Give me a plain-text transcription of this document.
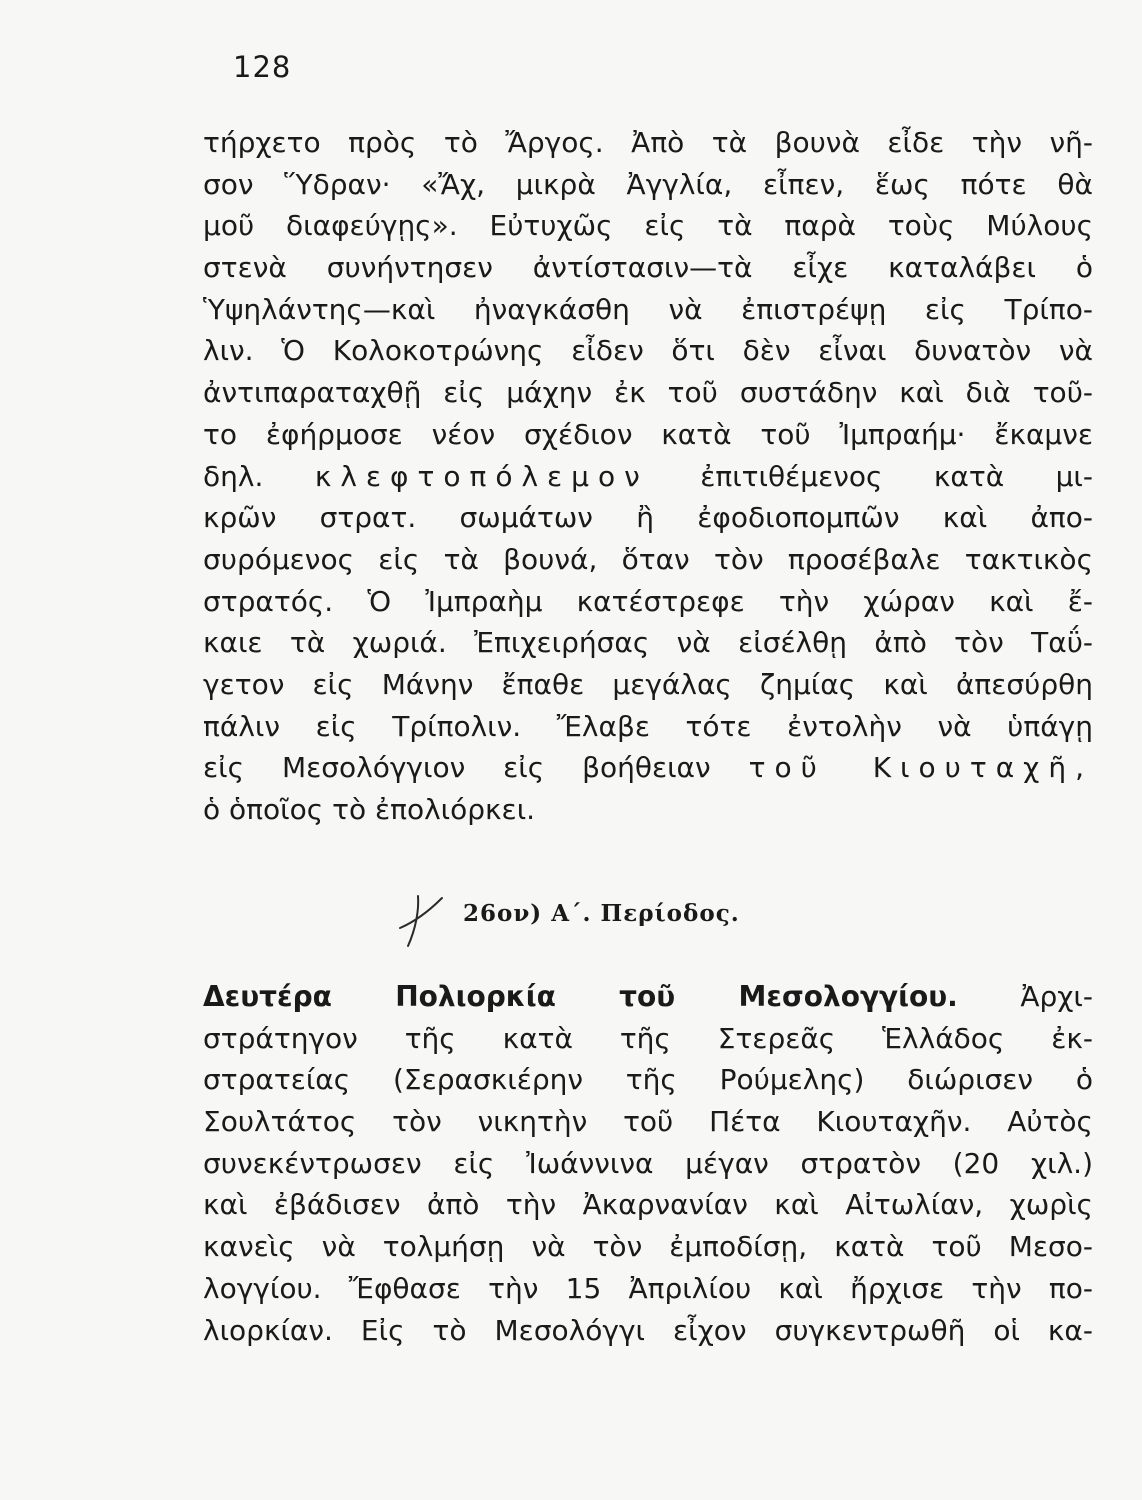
128
τήρχετο πρὸς τὸ Ἄργος. Ἀπὸ τὰ βουνὰ εἶδε τὴν νῆ-
σον Ὕδραν· «Ἄχ, μικρὰ Ἀγγλία, εἶπεν, ἕως πότε θὰ
μοῦ διαφεύγῃς». Εὐτυχῶς εἰς τὰ παρὰ τοὺς Μύλους
στενὰ συνήντησεν ἀντίστασιν—τὰ εἶχε καταλάβει ὁ
Ὑψηλάντης—καὶ ἠναγκάσθη νὰ ἐπιστρέψῃ εἰς Τρίπο-
λιν. Ὁ Κολοκοτρώνης εἶδεν ὅτι δὲν εἶναι δυνατὸν νὰ
ἀντιπαραταχθῇ εἰς μάχην ἐκ τοῦ συστάδην καὶ διὰ τοῦ-
το ἐφήρμοσε νέον σχέδιον κατὰ τοῦ Ἰμπραήμ· ἔκαμνε
δηλ. κλεφτοπόλεμον ἐπιτιθέμενος κατὰ μι-
κρῶν στρατ. σωμάτων ἢ ἐφοδιοπομπῶν καὶ ἀπο-
συρόμενος εἰς τὰ βουνά, ὅταν τὸν προσέβαλε τακτικὸς
στρατός. Ὁ Ἰμπραὴμ κατέστρεφε τὴν χώραν καὶ ἔ-
καιε τὰ χωριά. Ἐπιχειρήσας νὰ εἰσέλθῃ ἀπὸ τὸν Ταΰ-
γετον εἰς Μάνην ἔπαθε μεγάλας ζημίας καὶ ἀπεσύρθη
πάλιν εἰς Τρίπολιν. Ἔλαβε τότε ἐντολὴν νὰ ὑπάγῃ
εἰς Μεσολόγγιον εἰς βοήθειαν τοῦ Κιουταχῆ,
ὁ ὁποῖος τὸ ἐπολιόρκει.
26ον) Α΄. Περίοδος.
Δευτέρα Πολιορκία τοῦ Μεσολογγίου. Ἀρχι-
στράτηγον τῆς κατὰ τῆς Στερεᾶς Ἑλλάδος ἐκ-
στρατείας (Σερασκιέρην τῆς Ρούμελης) διώρισεν ὁ
Σουλτάτος τὸν νικητὴν τοῦ Πέτα Κιουταχῆν. Αὐτὸς
συνεκέντρωσεν εἰς Ἰωάννινα μέγαν στρατὸν (20 χιλ.)
καὶ ἐβάδισεν ἀπὸ τὴν Ἀκαρνανίαν καὶ Αἰτωλίαν, χωρὶς
κανεὶς νὰ τολμήσῃ νὰ τὸν ἐμποδίσῃ, κατὰ τοῦ Μεσο-
λογγίου. Ἔφθασε τὴν 15 Ἀπριλίου καὶ ἤρχισε τὴν πο-
λιορκίαν. Εἰς τὸ Μεσολόγγι εἶχον συγκεντρωθῆ οἱ κα-
